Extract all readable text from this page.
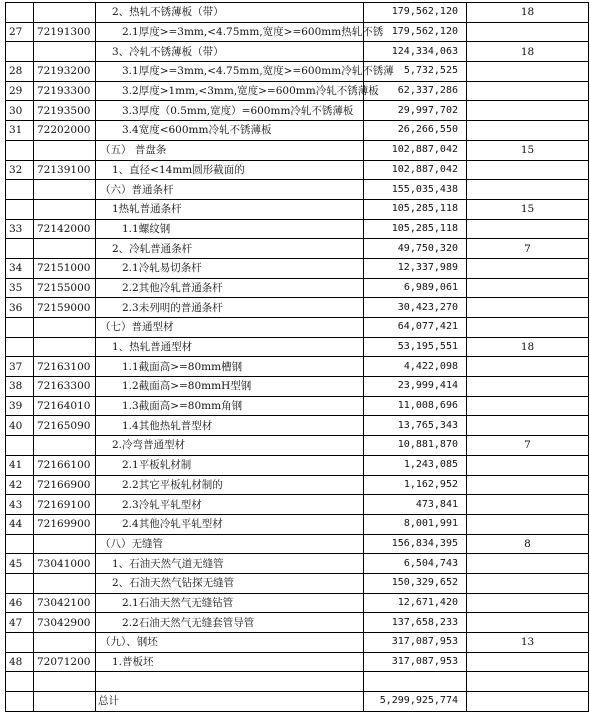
		2、热轧不锈薄板（带）	179,562,120	18	
27	72191300	2.1厚度>=3mm,<4.75mm,宽度>=600mm热轧不锈	179,562,120		
		3、冷轧不锈薄板（带）	124,334,063	18	
28	72193200	3.1厚度>=3mm,<4.75mm,宽度>=600mm冷轧不锈薄	5,732,525		
29	72193300	3.2厚度>1mm,<3mm,宽度>=600mm冷轧不锈薄板	62,337,286		
30	72193500	3.3厚度（0.5mm,宽度）=600mm冷轧不锈薄板	29,997,702		
31	72202000	3.4宽度<600mm冷轧不锈薄板	26,266,550		
		（五） 普盘条	102,887,042	15	
32	72139100	1、直径<14mm圆形截面的	102,887,042		
		（六）普通条杆	155,035,438		
		1热轧普通条杆	105,285,118	15	
33	72142000	1.1螺纹钢	105,285,118		
		2、冷轧普通条杆	49,750,320	7	
34	72151000	2.1冷轧易切条杆	12,337,989		
35	72155000	2.2其他冷轧普通条杆	6,989,061		
36	72159000	2.3未列明的普通条杆	30,423,270		
		（七）普通型材	64,077,421		
		1、热轧普通型材	53,195,551	18	
37	72163100	1.1截面高>=80mm槽钢	4,422,098		
38	72163300	1.2截面高>=80mmH型钢	23,999,414		
39	72164010	1.3截面高>=80mm角钢	11,008,696		
40	72165090	1.4其他热轧普型材	13,765,343		
		2.冷弯普通型材	10,881,870	7	
41	72166100	2.1平板轧材制	1,243,085		
42	72166900	2.2其它平板轧材制的	1,162,952		
43	72169100	2.3冷轧平轧型材	473,841		
44	72169900	2.4其他冷轧平轧型材	8,001,991		
		（八）无缝管	156,834,395	8	
45	73041000	1、石油天然气道无缝管	6,504,743		
		2、石油天然气钻探无缝管	150,329,652		
46	73042100	2.1石油天然气无缝钻管	12,671,420		
47	73042900	2.2石油天然气无缝套管导管	137,658,233		
		（九）、钢坯	317,087,953	13	
48	72071200	1.普板坯	317,087,953		

		总计	5,299,925,774		
